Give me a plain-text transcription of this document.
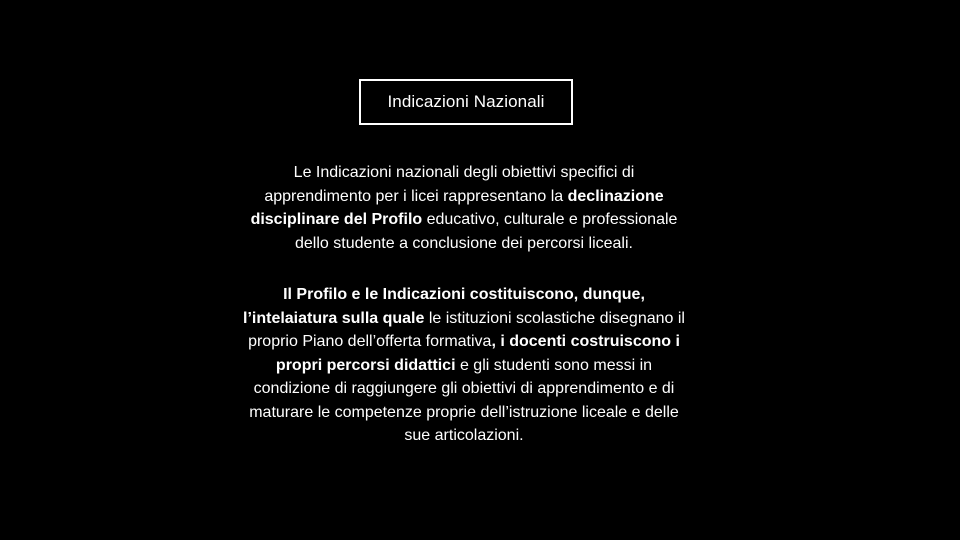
Indicazioni Nazionali
Le Indicazioni nazionali degli obiettivi specifici di
apprendimento per i licei rappresentano la declinazione
disciplinare del Profilo educativo, culturale e professionale
dello studente a conclusione dei percorsi liceali.
Il Profilo e le Indicazioni costituiscono, dunque,
l’intelaiatura sulla quale le istituzioni scolastiche disegnano il
proprio Piano dell’offerta formativa, i docenti costruiscono i
propri percorsi didattici e gli studenti sono messi in
condizione di raggiungere gli obiettivi di apprendimento e di
maturare le competenze proprie dell’istruzione liceale e delle
sue articolazioni.
